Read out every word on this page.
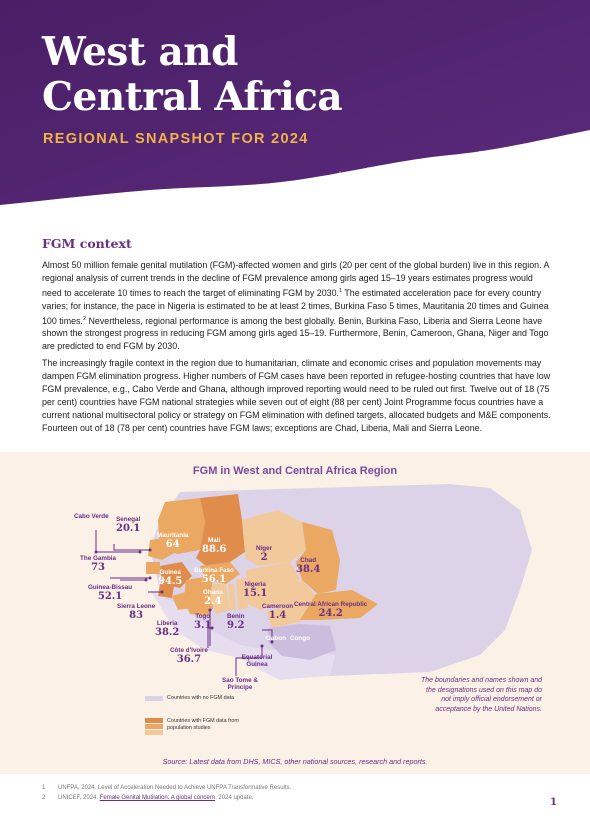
West and
Central Africa
REGIONAL SNAPSHOT FOR 2024
FGM context

Almost 50 million female genital mutilation (FGM)-affected women and girls (20 per cent of the global burden) live in this region. A regional analysis of current trends in the decline of FGM prevalence among girls aged 15–19 years estimates progress would need to accelerate 10 times to reach the target of eliminating FGM by 2030.$^1$ The estimated acceleration pace for every country varies; for instance, the pace in Nigeria is estimated to be at least 2 times, Burkina Faso 5 times, Mauritania 20 times and Guinea 100 times.$^2$ Nevertheless, regional performance is among the best globally. Benin, Burkina Faso, Liberia and Sierra Leone have shown the strongest progress in reducing FGM among girls aged 15–19. Furthermore, Benin, Cameroon, Ghana, Niger and Togo are predicted to end FGM by 2030.

The increasingly fragile context in the region due to humanitarian, climate and economic crises and population movements may dampen FGM elimination progress. Higher numbers of FGM cases have been reported in refugee-hosting countries that have low FGM prevalence, e.g., Cabo Verde and Ghana, although improved reporting would need to be ruled out first. Twelve out of 18 (75 per cent) countries have FGM national strategies while seven out of eight (88 per cent) Joint Programme focus countries have a current national multisectoral policy or strategy on FGM elimination with defined targets, allocated budgets and M&E components. Fourteen out of 18 (78 per cent) countries have FGM laws; exceptions are Chad, Liberia, Mali and Sierra Leone.

FGM in West and Central Africa Region
Cabo Verde Senegal
20.1
Mauritania
64	Mali
88.6	Niger
2	Chad
38.4
The Gambia
73	Guinea
94.5
Burkina Faso
56.1
Guinea-Bissau
52.1	Ghana
2.4
Nigeria
15.1
Sierra Leone
83
Cameroon
1.4
Central African Republic
24.2
Togo
3.1
Benin
9.2
Liberia
38.2
Gabon Congo
Côte d'Ivoire
36.7	Equatorial Guinea
Sao Tome & Príncipe

The boundaries and names shown and the designations used on this map do not imply official endorsement or acceptance by the United Nations.

Countries with no FGM data
Countries with FGM data from population studies
Source: Latest data from DHS, MICS, other national sources, research and reports.
1 UNFPA, 2024. Level of Acceleration Needed to Achieve UNFPA Transformative Results.
2 UNICEF, 2024. Female Genital Mutilation: A global concern. 2024 update.	1
